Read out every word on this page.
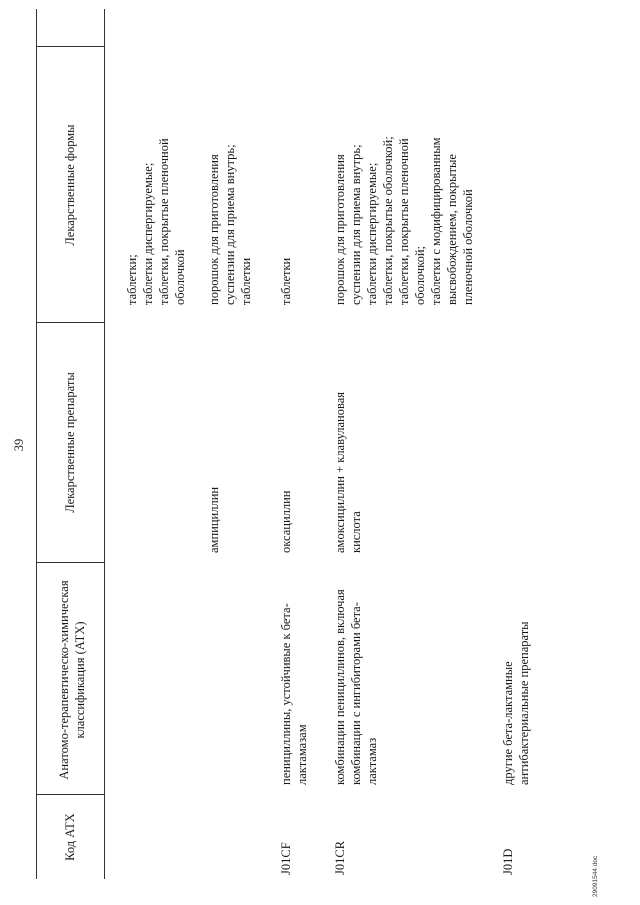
39
Код АТХ
Анатомо-терапевтическо-химическая классификация (АТХ)
Лекарственные препараты
Лекарственные формы
таблетки; таблетки диспергируемые; таблетки, покрытые пленочной оболочкой
ампициллин
порошок для приготовления суспензии для приема внутрь; таблетки
J01CF
пенициллины, устойчивые к бета- лактамазам
оксациллин
таблетки
J01CR
комбинации пенициллинов, включая комбинации с ингибиторами бета- лактамаз
амоксициллин + клавулановая кислота
порошок для приготовления суспензии для приема внутрь; таблетки диспергируемые; таблетки, покрытые оболочкой; таблетки, покрытые пленочной оболочкой; таблетки с модифицированным высвобождением, покрытые пленочной оболочкой
J01D
другие бета-лактамные антибактериальные препараты
29091544.doc
